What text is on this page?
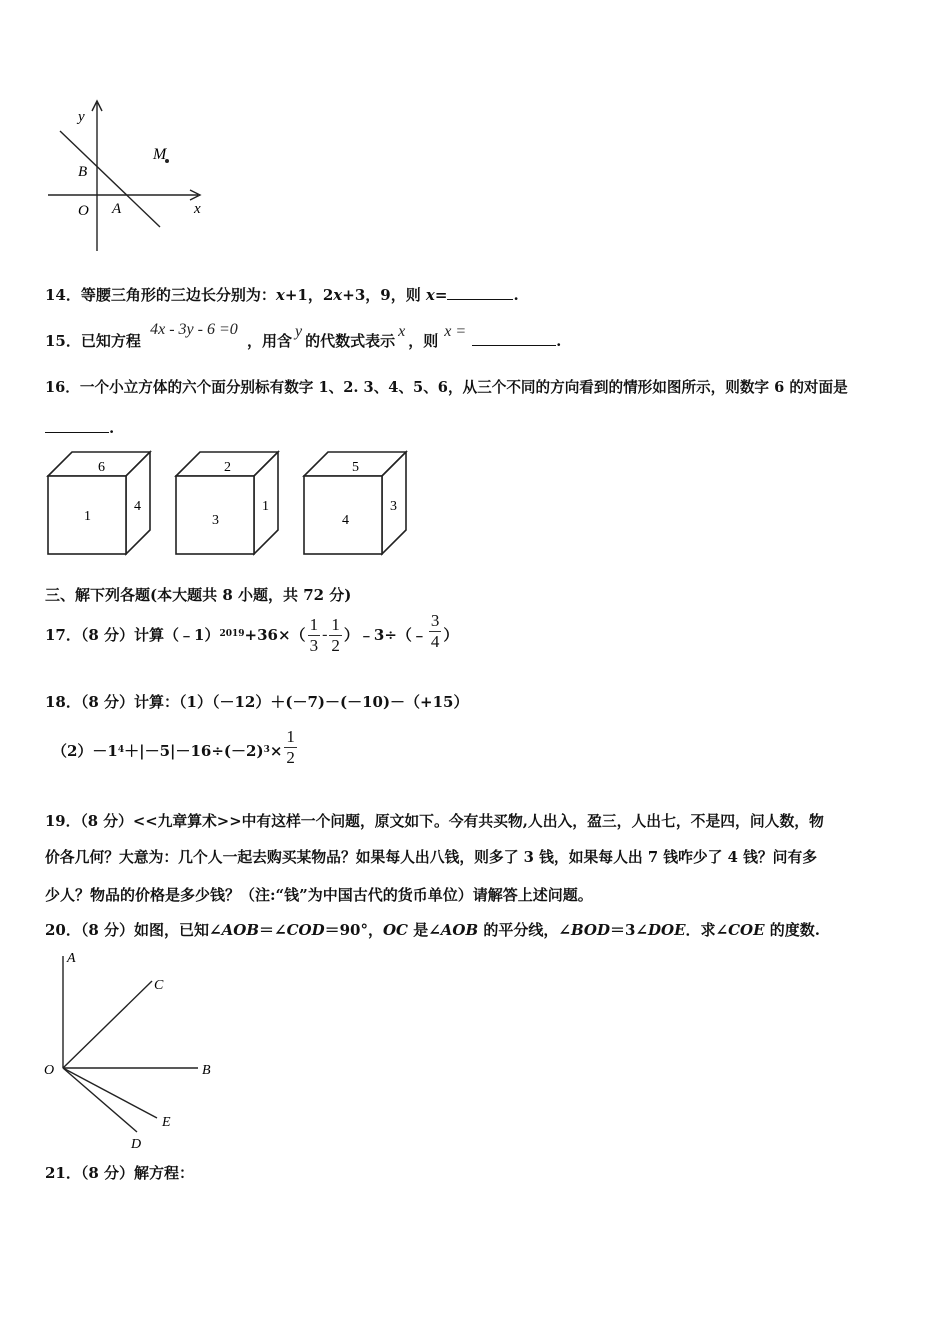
y
x
O A
B
M
14．等腰三角形的三边长分别为：x+1，2x+3，9，则 x=	.
15．已知方程 4x - 3y - 6 =0 ，用含y的代数式表示x，则x =.
16．一个小立方体的六个面分别标有数字 1、2. 3、4、5、6，从三个不同的方向看到的情形如图所示，则数字 6 的对面是
.
6
1
4
2
3
1
5
4
3
三、解下列各题(本大题共 8 小题，共 72 分)
17．（8 分）计算（﹣1） $2019 +36\times( \frac{1}{3} - \frac{1}{2}$ ）﹣3÷（﹣ $\frac{3}{4}$ ）
18．（8 分）计算：（1）（－12）＋(－7)－(－10)－（+15）
（2）－1 4 ＋|－5|－16÷(－2) $3 \times \frac{1}{2}$
19．（8 分）<<九章算术>>中有这样一个问题，原文如下。今有共买物,人出入，盈三，人出七，不是四，问人数，物
价各几何？大意为：几个人一起去购买某物品？如果每人出八钱，则多了 3 钱，如果每人出 7 钱咋少了 4 钱？问有多
少人？物品的价格是多少钱？（注:“钱”为中国古代的货币单位）请解答上述问题。
20．（8 分）如图，已知∠AOB＝∠COD＝90°，OC 是∠AOB 的平分线，∠BOD＝3∠DOE．求∠COE 的度数.
A
C
O	B
E
D
21．（8 分）解方程：
